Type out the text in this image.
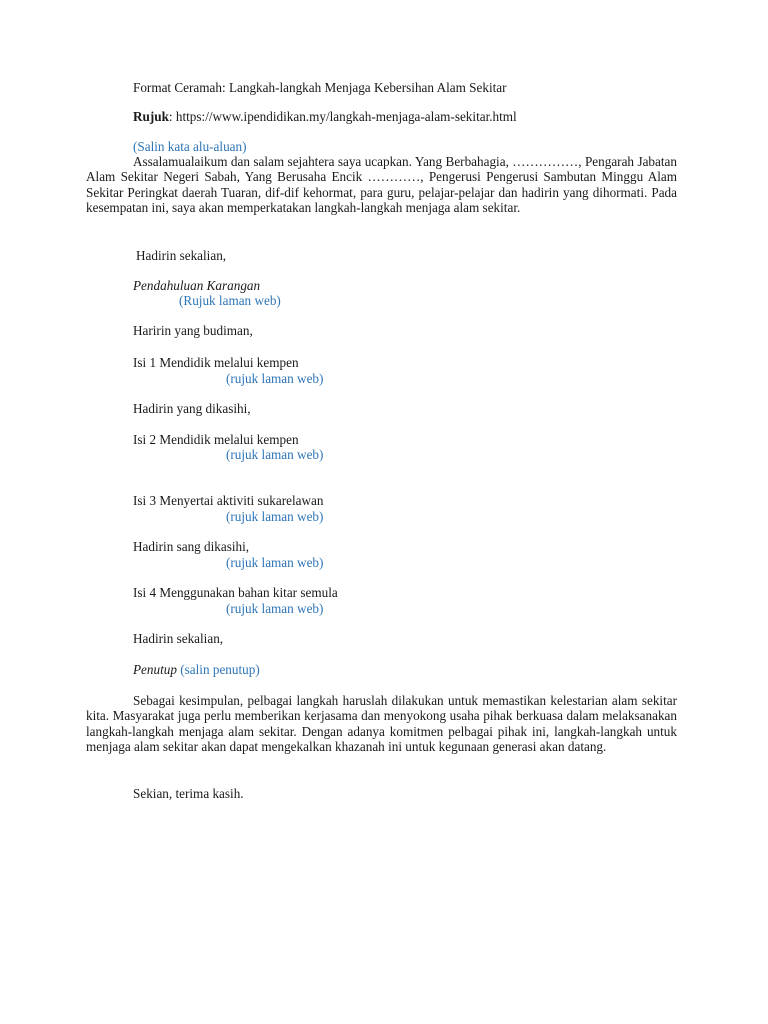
Format Ceramah: Langkah-langkah Menjaga Kebersihan Alam Sekitar
Rujuk: https://www.ipendidikan.my/langkah-menjaga-alam-sekitar.html
(Salin kata alu-aluan)
Assalamualaikum dan salam sejahtera saya ucapkan. Yang Berbahagia, ……………, Pengarah Jabatan Alam Sekitar Negeri Sabah, Yang Berusaha Encik …………, Pengerusi Pengerusi Sambutan Minggu Alam Sekitar Peringkat daerah Tuaran, dif-dif kehormat, para guru, pelajar-pelajar dan hadirin yang dihormati. Pada kesempatan ini, saya akan memperkatakan langkah-langkah menjaga alam sekitar.
Hadirin sekalian,
Pendahuluan Karangan
(Rujuk laman web)
Haririn yang budiman,
Isi 1 Mendidik melalui kempen
(rujuk laman web)
Hadirin yang dikasihi,
Isi 2 Mendidik melalui kempen
(rujuk laman web)
Isi 3 Menyertai aktiviti sukarelawan
(rujuk laman web)
Hadirin sang dikasihi,
(rujuk laman web)
Isi 4 Menggunakan bahan kitar semula
(rujuk laman web)
Hadirin sekalian,
Penutup (salin penutup)
Sebagai kesimpulan, pelbagai langkah haruslah dilakukan untuk memastikan kelestarian alam sekitar kita. Masyarakat juga perlu memberikan kerjasama dan menyokong usaha pihak berkuasa dalam melaksanakan langkah-langkah menjaga alam sekitar. Dengan adanya komitmen pelbagai pihak ini, langkah-langkah untuk menjaga alam sekitar akan dapat mengekalkan khazanah ini untuk kegunaan generasi akan datang.
Sekian, terima kasih.
